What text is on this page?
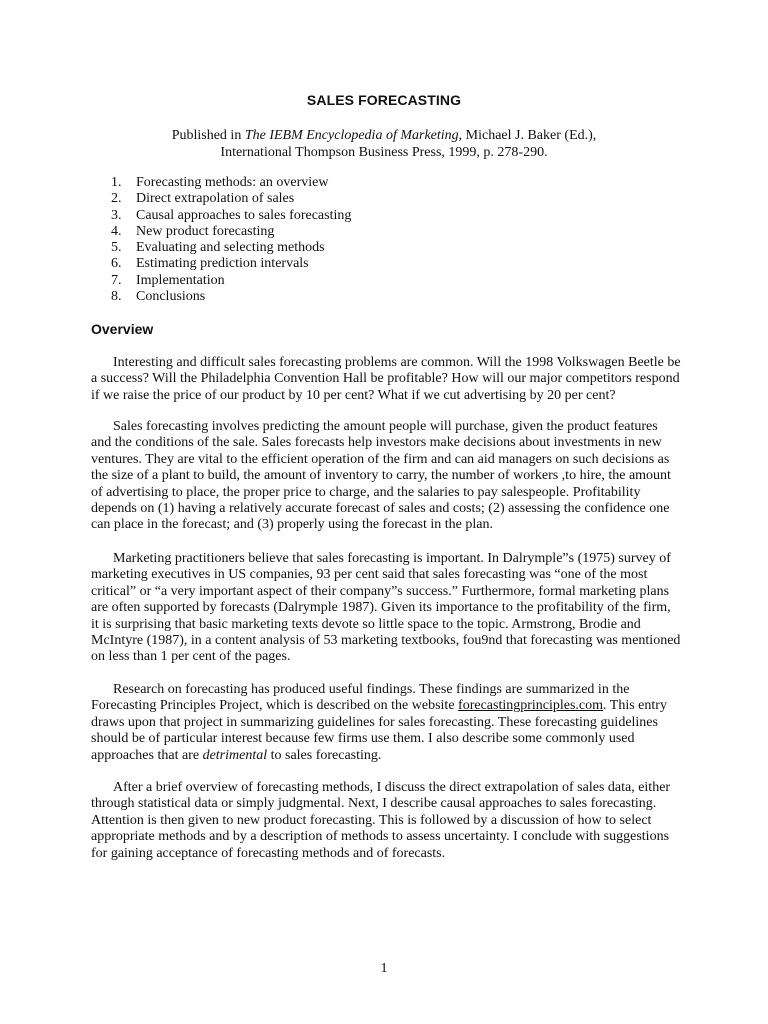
SALES FORECASTING
Published in The IEBM Encyclopedia of Marketing, Michael J. Baker (Ed.),
International Thompson Business Press, 1999, p. 278-290.
1. Forecasting methods: an overview
2. Direct extrapolation of sales
3. Causal approaches to sales forecasting
4. New product forecasting
5. Evaluating and selecting methods
6. Estimating prediction intervals
7. Implementation
8. Conclusions
Overview

Interesting and difficult sales forecasting problems are common. Will the 1998 Volkswagen Beetle be a success? Will the Philadelphia Convention Hall be profitable? How will our major competitors respond if we raise the price of our product by 10 per cent? What if we cut advertising by 20 per cent?

Sales forecasting involves predicting the amount people will purchase, given the product features and the conditions of the sale. Sales forecasts help investors make decisions about investments in new ventures. They are vital to the efficient operation of the firm and can aid managers on such decisions as the size of a plant to build, the amount of inventory to carry, the number of workers ,to hire, the amount of advertising to place, the proper price to charge, and the salaries to pay salespeople. Profitability depends on (1) having a relatively accurate forecast of sales and costs; (2) assessing the confidence one can place in the forecast; and (3) properly using the forecast in the plan.

Marketing practitioners believe that sales forecasting is important. In Dalrymple”s (1975) survey of marketing executives in US companies, 93 per cent said that sales forecasting was “one of the most critical” or “a very important aspect of their company”s success.” Furthermore, formal marketing plans are often supported by forecasts (Dalrymple 1987). Given its importance to the profitability of the firm, it is surprising that basic marketing texts devote so little space to the topic. Armstrong, Brodie and McIntyre (1987), in a content analysis of 53 marketing textbooks, fou9nd that forecasting was mentioned on less than 1 per cent of the pages.

Research on forecasting has produced useful findings. These findings are summarized in the Forecasting Principles Project, which is described on the website forecastingprinciples.com. This entry draws upon that project in summarizing guidelines for sales forecasting. These forecasting guidelines should be of particular interest because few firms use them. I also describe some commonly used approaches that are detrimental to sales forecasting.

After a brief overview of forecasting methods, I discuss the direct extrapolation of sales data, either through statistical data or simply judgmental. Next, I describe causal approaches to sales forecasting. Attention is then given to new product forecasting. This is followed by a discussion of how to select appropriate methods and by a description of methods to assess uncertainty. I conclude with suggestions for gaining acceptance of forecasting methods and of forecasts.

1
